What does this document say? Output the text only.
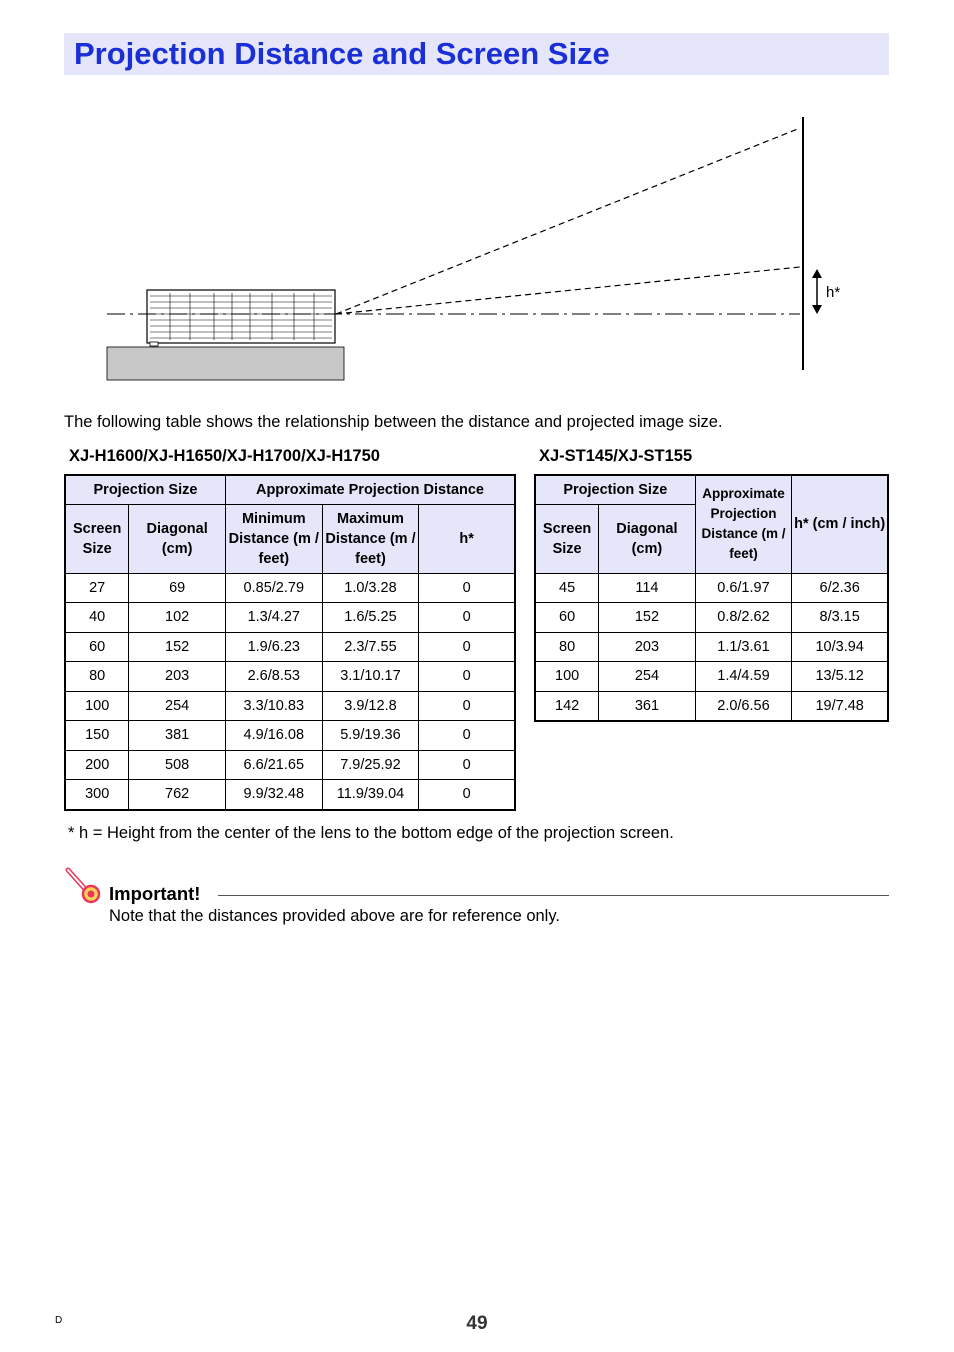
Projection Distance and Screen Size
h*
The following table shows the relationship between the distance and projected image size.
XJ-H1600/XJ-H1650/XJ-H1700/XJ-H1750	XJ-ST145/XJ-ST155
Projection Size		Approximate Projection Distance		
Screen Size	Diagonal (cm)	Minimum Distance (m / feet)	Maximum Distance (m / feet)	h*
27	69	0.85/2.79	1.0/3.28	0
40	102	1.3/4.27	1.6/5.25	0
60	152	1.9/6.23	2.3/7.55	0
80	203	2.6/8.53	3.1/10.17	0
100	254	3.3/10.83	3.9/12.8	0
150	381	4.9/16.08	5.9/19.36	0
200	508	6.6/21.65	7.9/25.92	0
300	762	9.9/32.48	11.9/39.04	0
Projection Size		Approximate Projection Distance (m / feet)	h* (cm / inch)
Screen Size	Diagonal (cm)		
45	114	0.6/1.97	6/2.36
60	152	0.8/2.62	8/3.15
80	203	1.1/3.61	10/3.94
100	254	1.4/4.59	13/5.12
142	361	2.0/6.56	19/7.48
* h = Height from the center of the lens to the bottom edge of the projection screen.
Important!
Note that the distances provided above are for reference only.
D	49
